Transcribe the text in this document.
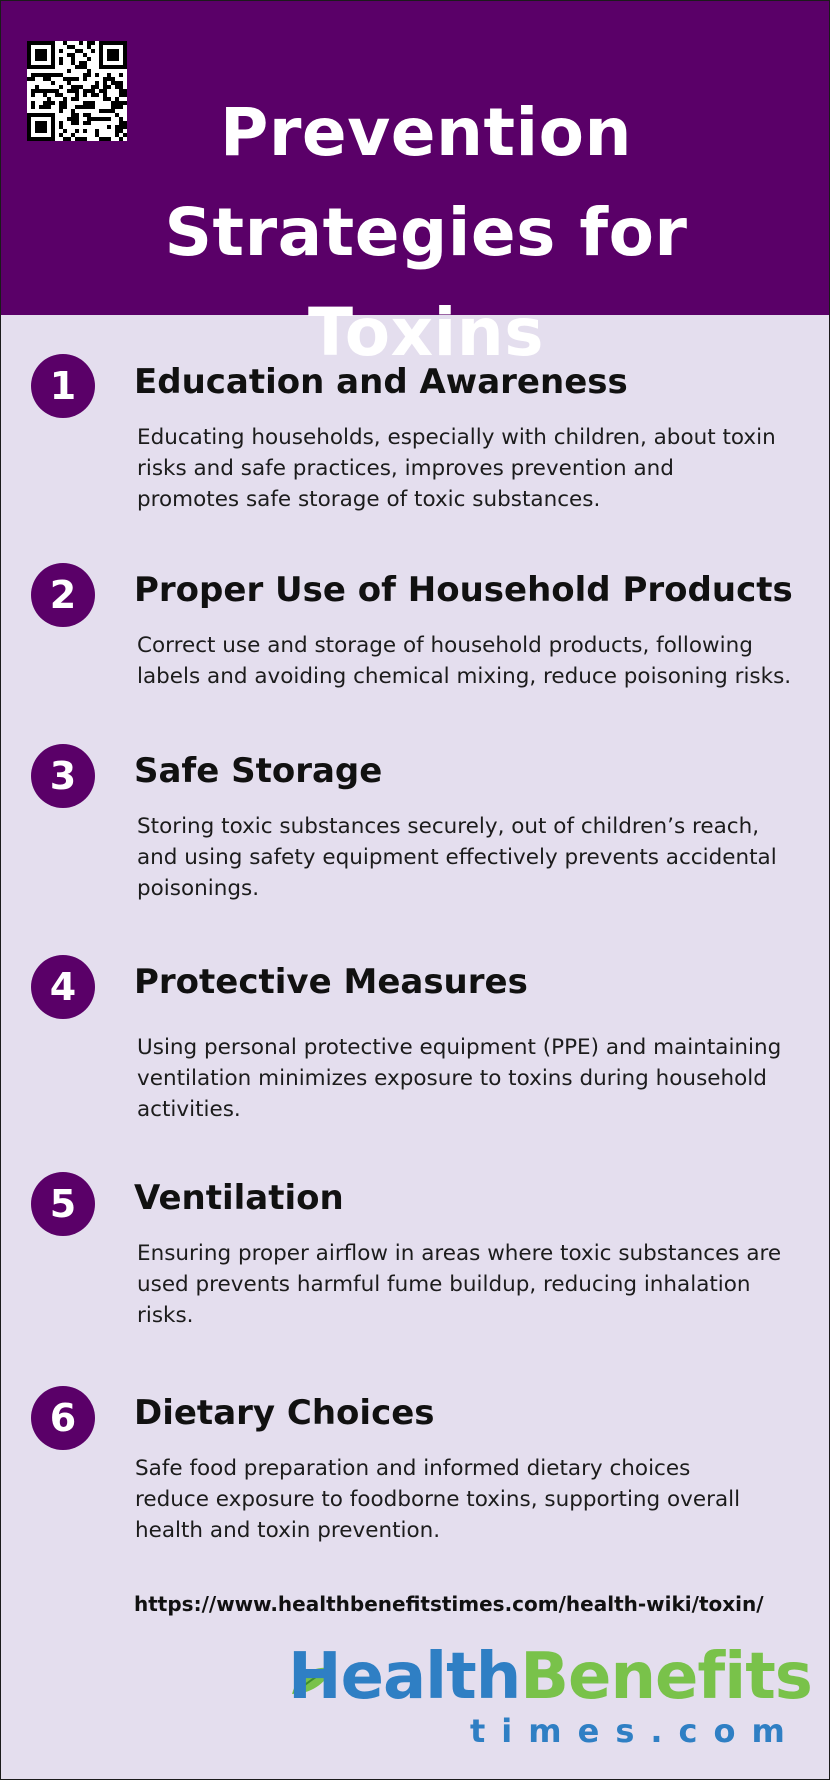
Prevention
Strategies for Toxins
1	Education and Awareness
Educating households, especially with children, about toxin
risks and safe practices, improves prevention and
promotes safe storage of toxic substances.
2	Proper Use of Household Products
Correct use and storage of household products, following
labels and avoiding chemical mixing, reduce poisoning risks.
3	Safe Storage
Storing toxic substances securely, out of children’s reach,
and using safety equipment effectively prevents accidental
poisonings.
4	Protective Measures
Using personal protective equipment (PPE) and maintaining
ventilation minimizes exposure to toxins during household
activities.
5	Ventilation
Ensuring proper airflow in areas where toxic substances are
used prevents harmful fume buildup, reducing inhalation
risks.
6	Dietary Choices
Safe food preparation and informed dietary choices
reduce exposure to foodborne toxins, supporting overall
health and toxin prevention.
https://www.healthbenefitstimes.com/health-wiki/toxin/
HealthBenefits
times.com
